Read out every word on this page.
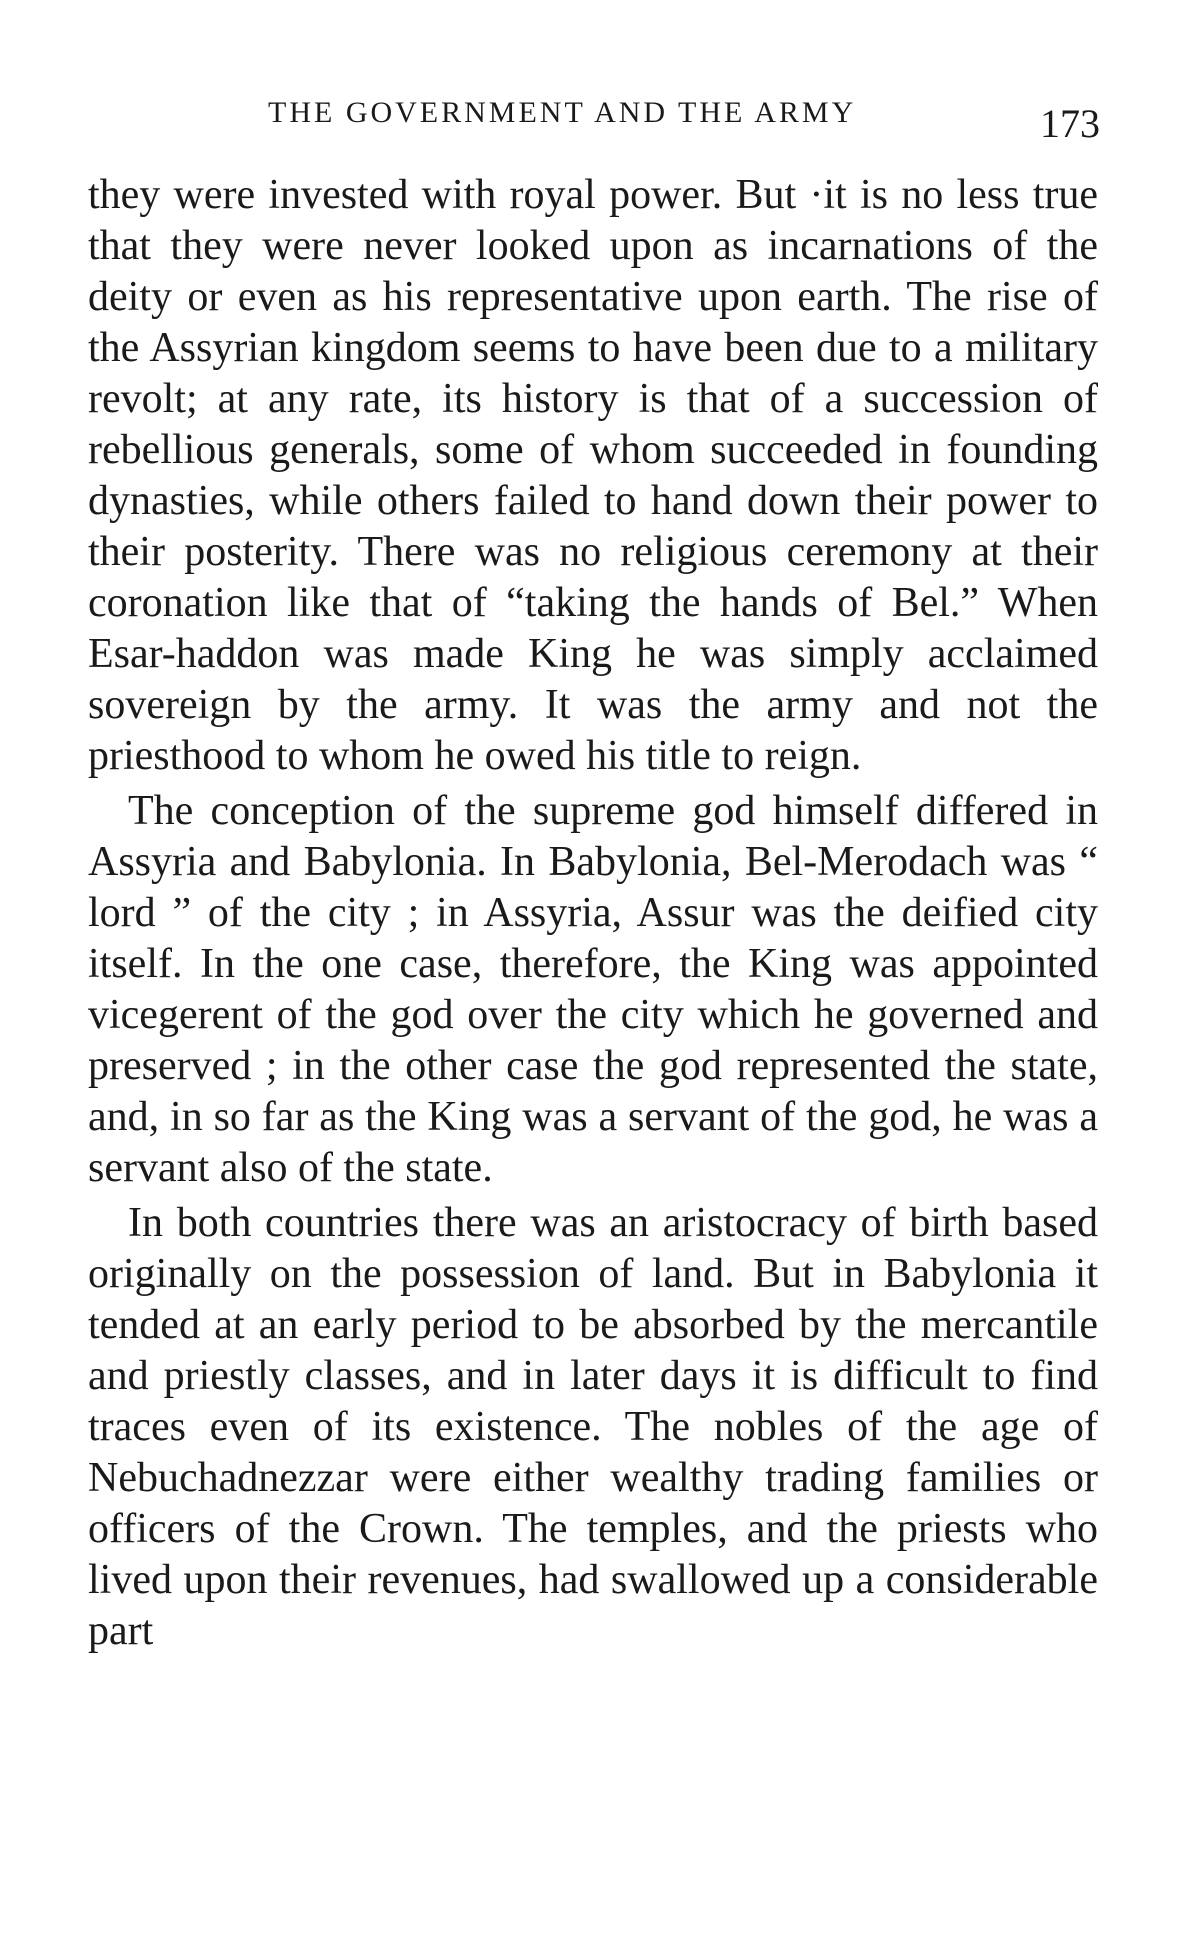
THE GOVERNMENT AND THE ARMY	173

they were invested with royal power. But ·it is no less true that they were never looked upon as incarnations of the deity or even as his representative upon earth. The rise of the Assyrian kingdom seems to have been due to a military revolt; at any rate, its history is that of a succession of rebellious generals, some of whom succeeded in founding dynasties, while others failed to hand down their power to their posterity. There was no religious ceremony at their coronation like that of “taking the hands of Bel.” When Esar-haddon was made King he was simply acclaimed sovereign by the army. It was the army and not the priesthood to whom he owed his title to reign.

The conception of the supreme god himself differed in Assyria and Babylonia. In Babylonia, Bel-Merodach was “ lord ” of the city ; in Assyria, Assur was the deified city itself. In the one case, therefore, the King was appointed vicegerent of the god over the city which he governed and preserved ; in the other case the god represented the state, and, in so far as the King was a servant of the god, he was a servant also of the state.

In both countries there was an aristocracy of birth based originally on the possession of land. But in Babylonia it tended at an early period to be absorbed by the mercantile and priestly classes, and in later days it is difficult to find traces even of its existence. The nobles of the age of Nebuchadnezzar were either wealthy trading families or officers of the Crown. The temples, and the priests who lived upon their revenues, had swallowed up a considerable part
